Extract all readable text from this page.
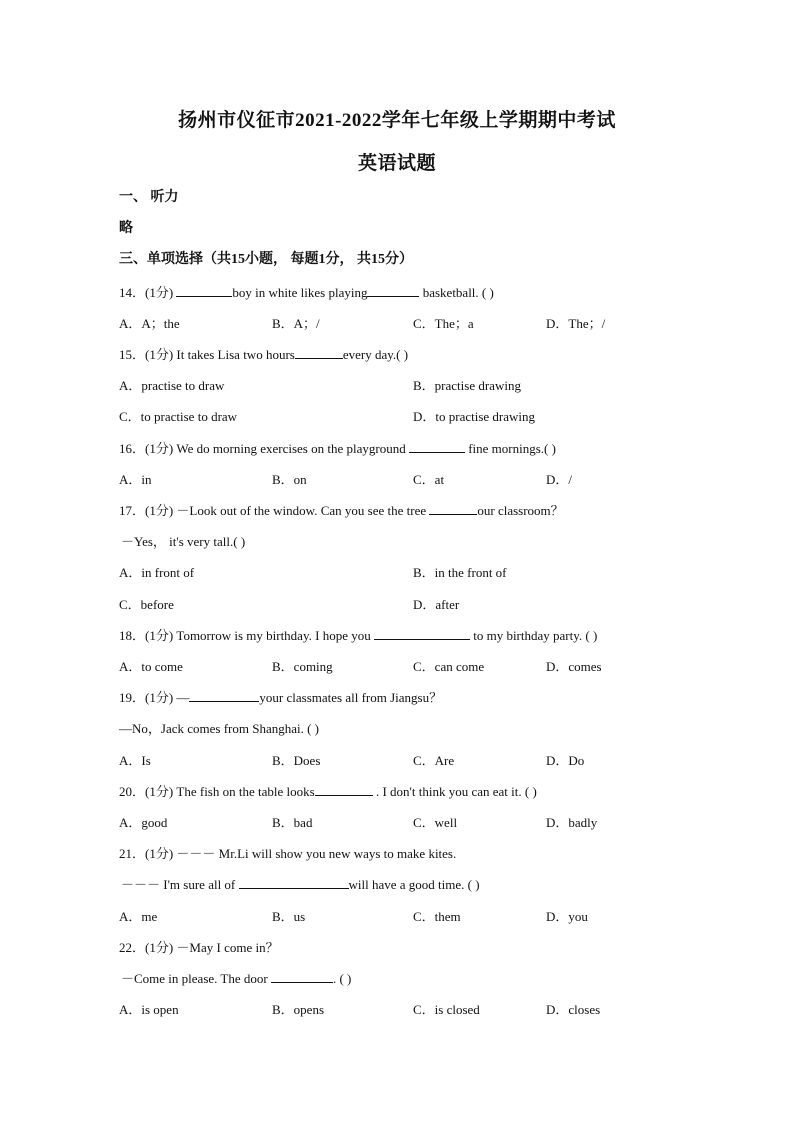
扬州市仪征市2021-2022学年七年级上学期期中考试
英语试题
一、 听力
略
三、单项选择（共15小题， 每题1分， 共15分）
14．(1分)	boy in white likes playing	basketball. ( )
A．A；the	B．A；/	C．The；a	D．The；/
15．(1分) It takes Lisa two hours	every day.( )
A．practise to draw	B．practise drawing
C．to practise to draw	D．to practise drawing
16．(1分) We do morning exercises on the playground	fine mornings.( )
A．in	B．on	C．at	D．/
17．(1分) －Look out of the window. Can you see the tree	our classroom？
－Yes， it's very tall.( )
A．in front of	B．in the front of
C．before	D．after
18．(1分) Tomorrow is my birthday. I hope you	to my birthday party. ( )
A．to come	B．coming	C．can come	D．comes
19．(1分) —	your classmates all from Jiangsu？
—No，Jack comes from Shanghai. ( )
A．Is	B．Does	C．Are	D．Do
20．(1分) The fish on the table looks	. I don't think you can eat it. ( )
A．good	B．bad	C．well	D．badly
21．(1分) －－－ Mr.Li will show you new ways to make kites.
－－－ I'm sure all of	will have a good time. ( )
A．me	B．us	C．them	D．you
22．(1分) －May I come in？
－Come in please. The door	. ( )
A．is open	B．opens	C．is closed	D．closes
